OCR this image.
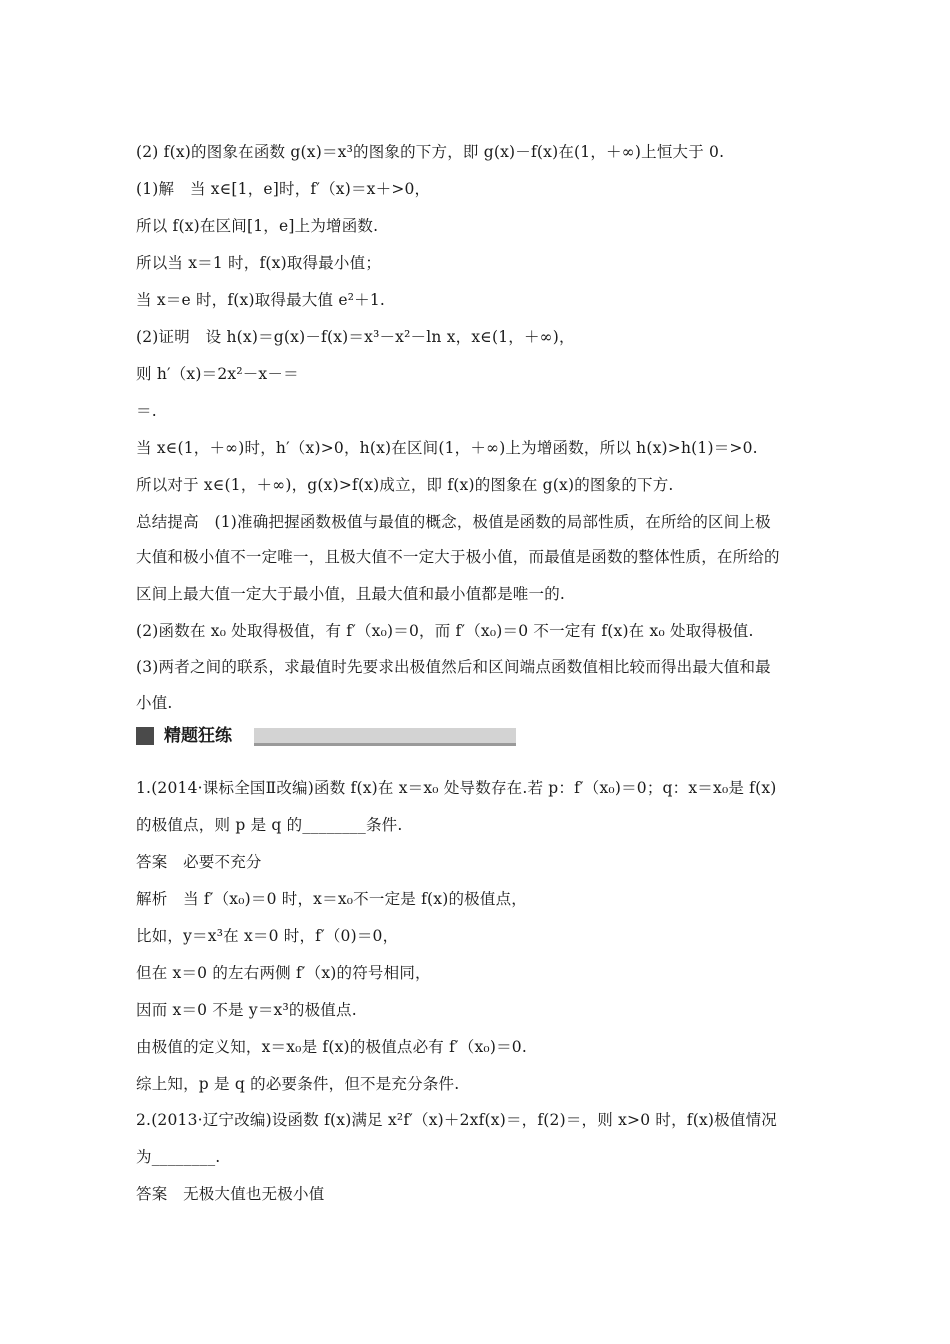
(2) f(x)的图象在函数 g(x)＝x³的图象的下方，即 g(x)－f(x)在(1，＋∞)上恒大于 0.
(1)解　当 x∈[1，e]时，f′（x)＝x＋>0，
所以 f(x)在区间[1，e]上为增函数.
所以当 x＝1 时，f(x)取得最小值；
当 x＝e 时，f(x)取得最大值 e²＋1.
(2)证明　设 h(x)＝g(x)－f(x)＝x³－x²－ln x，x∈(1，＋∞)，
则 h′（x)＝2x²－x－＝
＝.
当 x∈(1，＋∞)时，h′（x)>0，h(x)在区间(1，＋∞)上为增函数，所以 h(x)>h(1)＝>0.
所以对于 x∈(1，＋∞)，g(x)>f(x)成立，即 f(x)的图象在 g(x)的图象的下方.
总结提高　(1)准确把握函数极值与最值的概念，极值是函数的局部性质，在所给的区间上极
大值和极小值不一定唯一，且极大值不一定大于极小值，而最值是函数的整体性质，在所给的
区间上最大值一定大于最小值，且最大值和最小值都是唯一的.
(2)函数在 x₀ 处取得极值，有 f′（x₀)＝0，而 f′（x₀)＝0 不一定有 f(x)在 x₀ 处取得极值.
(3)两者之间的联系，求最值时先要求出极值然后和区间端点函数值相比较而得出最大值和最
小值.
精题狂练
1.(2014·课标全国Ⅱ改编)函数 f(x)在 x＝x₀ 处导数存在.若 p：f′（x₀)＝0；q：x＝x₀是 f(x)
的极值点，则 p 是 q 的________条件.
答案　必要不充分
解析　当 f′（x₀)＝0 时，x＝x₀不一定是 f(x)的极值点，
比如，y＝x³在 x＝0 时，f′（0)＝0，
但在 x＝0 的左右两侧 f′（x)的符号相同，
因而 x＝0 不是 y＝x³的极值点.
由极值的定义知，x＝x₀是 f(x)的极值点必有 f′（x₀)＝0.
综上知，p 是 q 的必要条件，但不是充分条件.
2.(2013·辽宁改编)设函数 f(x)满足 x²f′（x)＋2xf(x)＝，f(2)＝，则 x>0 时，f(x)极值情况
为________.
答案　无极大值也无极小值
